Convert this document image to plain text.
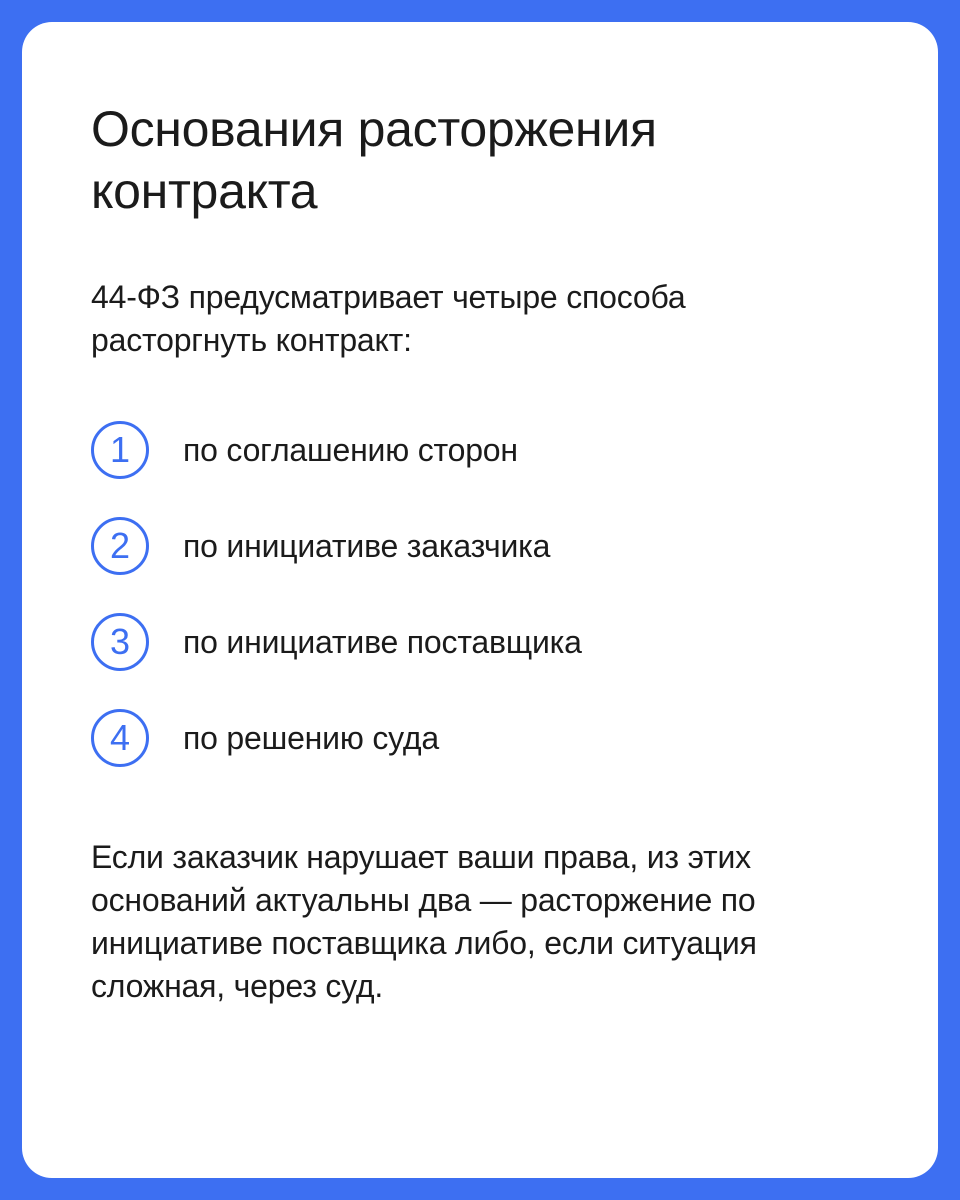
Основания расторжения контракта

44-ФЗ предусматривает четыре способа расторгнуть контракт:

1	по соглашению сторон
2	по инициативе заказчика
3	по инициативе поставщика
4	по решению суда

Если заказчик нарушает ваши права, из этих оснований актуальны два — расторжение по инициативе поставщика либо, если ситуация сложная, через суд.
